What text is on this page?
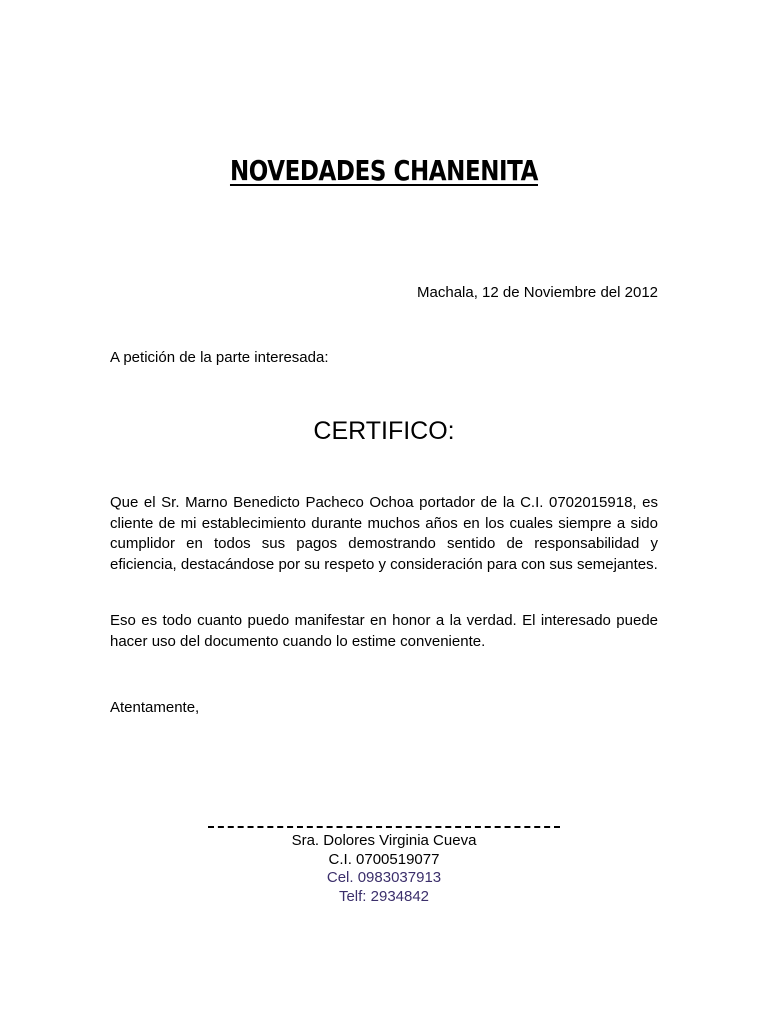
NOVEDADES CHANENITA
Machala, 12 de Noviembre del 2012
A petición de la parte interesada:
CERTIFICO:

Que el Sr. Marno Benedicto Pacheco Ochoa portador de la C.I. 0702015918, es cliente de mi establecimiento durante muchos años en los cuales siempre a sido cumplidor en todos sus pagos demostrando sentido de responsabilidad y eficiencia, destacándose por su respeto y consideración para con sus semejantes.

Eso es todo cuanto puedo manifestar en honor a la verdad. El interesado puede hacer uso del documento cuando lo estime conveniente.

Atentamente,
Sra. Dolores Virginia Cueva
C.I. 0700519077
Cel. 0983037913
Telf: 2934842
